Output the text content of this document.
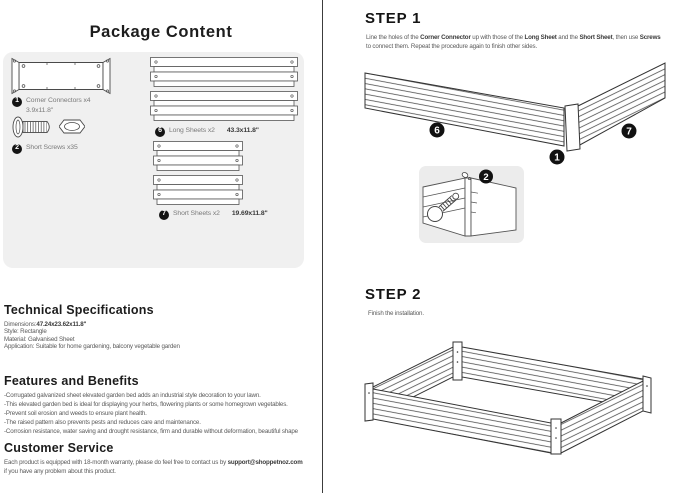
Package Content
1	Corner Connectors x4
3.9x11.8"
2	Short Screws x35
6	Long Sheets x2 43.3x11.8"
7	Short Sheets x2 19.69x11.8"
Technical Specifications
Dimensions:47.24x23.62x11.8"
Style: Rectangle
Material: Galvanised Sheet
Application: Suitable for home gardening, balcony vegetable garden
Features and Benefits
-Corrugated galvanized sheet elevated garden bed adds an industrial style decoration to your lawn.
-This elevated garden bed is ideal for displaying your herbs, flowering plants or some homegrown vegetables.
-Prevent soil erosion and weeds to ensure plant health.
-The raised pattern also prevents pests and reduces care and maintenance.
-Corrosion resistance, water saving and drought resistance, firm and durable without deformation, beautiful shape
Customer Service
Each product is equipped with 18-month warranty, please do feel free to contact us by support@shoppetnoz.com
if you have any problem about this product.
STEP 1
Line the holes of the Corner Connector up with those of the Long Sheet and the Short Sheet, then use Screws
to connect them. Repeat the procedure again to finish other sides.
6
1
7
2
STEP 2
Finish the installation.
